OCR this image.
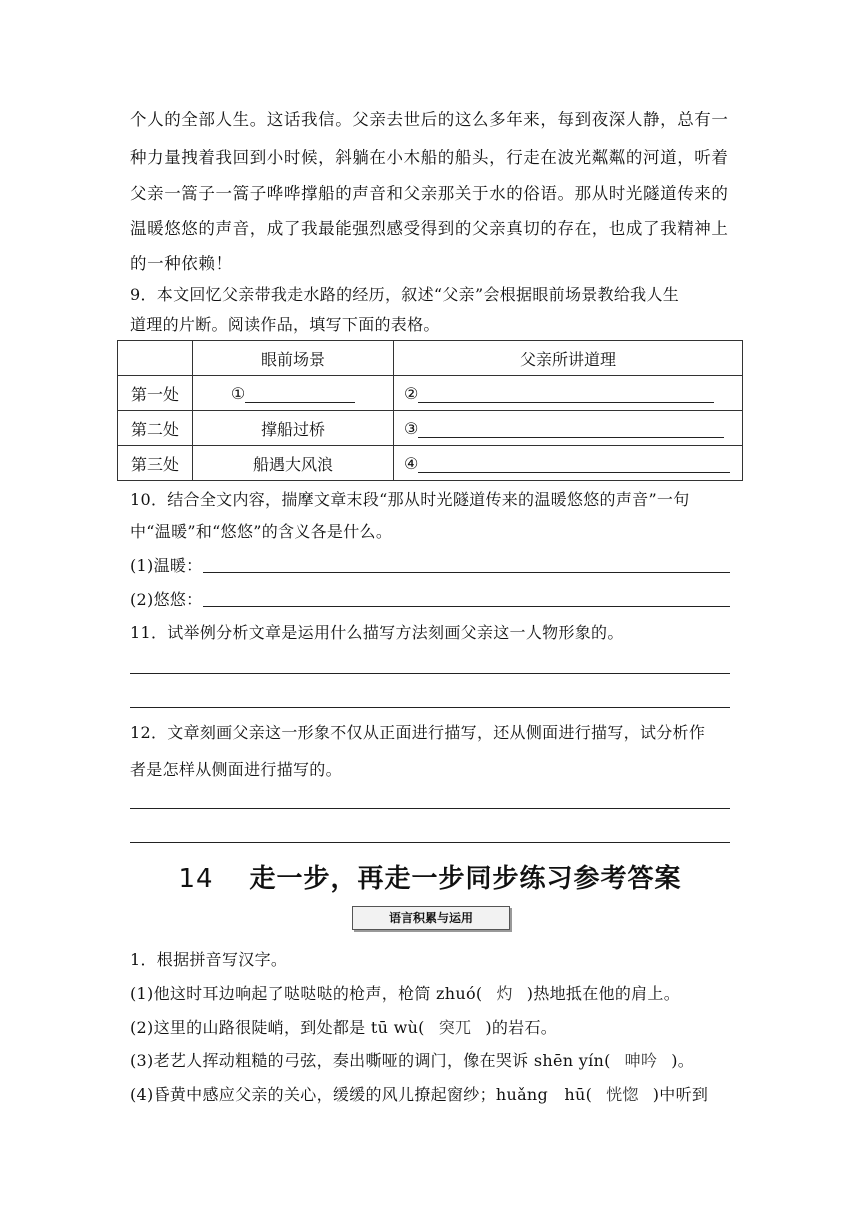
个人的全部人生。这话我信。父亲去世后的这么多年来，每到夜深人静，总有一
种力量拽着我回到小时候，斜躺在小木船的船头，行走在波光粼粼的河道，听着
父亲一篙子一篙子哗哗撑船的声音和父亲那关于水的俗语。那从时光隧道传来的
温暖悠悠的声音，成了我最能强烈感受得到的父亲真切的存在，也成了我精神上
的一种依赖！
9．本文回忆父亲带我走水路的经历，叙述“父亲”会根据眼前场景教给我人生
道理的片断。阅读作品，填写下面的表格。
	眼前场景	父亲所讲道理
第一处	①	②
第二处	撑船过桥	③
第三处	船遇大风浪	④
10．结合全文内容，揣摩文章末段“那从时光隧道传来的温暖悠悠的声音”一句
中“温暖”和“悠悠”的含义各是什么。
(1)温暖：
(2)悠悠：
11．试举例分析文章是运用什么描写方法刻画父亲这一人物形象的。
12．文章刻画父亲这一形象不仅从正面进行描写，还从侧面进行描写，试分析作
者是怎样从侧面进行描写的。
14 走一步，再走一步同步练习参考答案
语言积累与运用
1．根据拼音写汉字。
(1)他这时耳边响起了哒哒哒的枪声，枪筒 zhuó( 灼 )热地抵在他的肩上。
(2)这里的山路很陡峭，到处都是 tū wù( 突兀 )的岩石。
(3)老艺人挥动粗糙的弓弦，奏出嘶哑的调门，像在哭诉 shēn yín( 呻吟 )。
(4)昏黄中感应父亲的关心，缓缓的风儿撩起窗纱；huǎng　hū( 恍惚 )中听到
